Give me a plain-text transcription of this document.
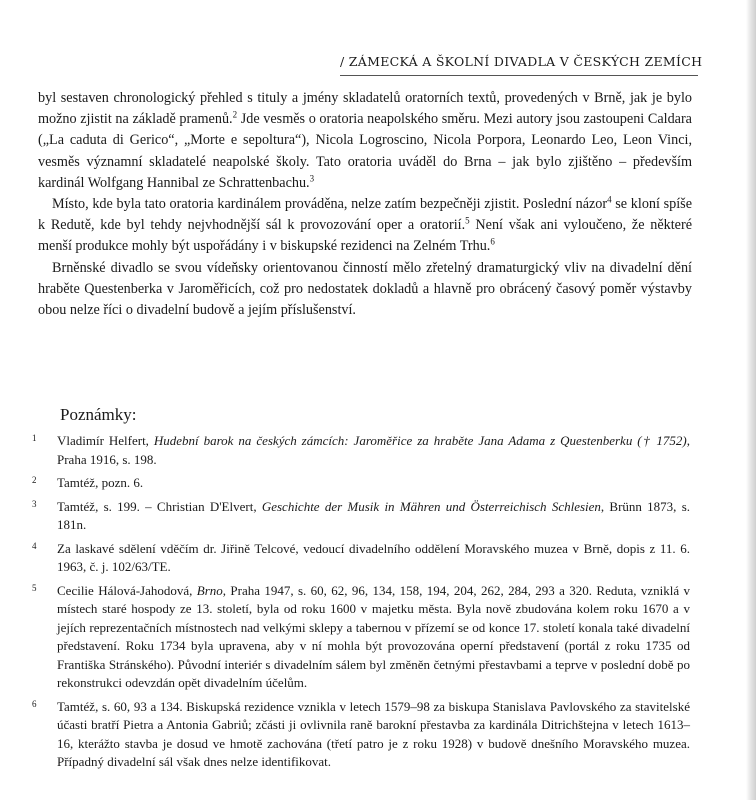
/ ZÁMECKÁ A ŠKOLNÍ DIVADLA V ČESKÝCH ZEMÍCH

byl sestaven chronologický přehled s tituly a jmény skladatelů oratorních textů, provedených v Brně, jak je bylo možno zjistit na základě pramenů.$^2$ Jde vesměs o oratoria neapolského směru. Mezi autory jsou zastoupeni Caldara („La caduta di Gerico“, „Morte e sepoltura“), Nicola Logroscino, Nicola Porpora, Leonardo Leo, Leon Vinci, vesměs významní skladatelé neapolské školy. Tato oratoria uváděl do Brna – jak bylo zjištěno – především kardinál Wolfgang Hannibal ze Schrattenbachu.$^3$

Místo, kde byla tato oratoria kardinálem prováděna, nelze zatím bezpečněji zjistit. Poslední názor$^4$ se kloní spíše k Redutě, kde byl tehdy nejvhodnější sál k provozování oper a oratorií.$^5$ Není však ani vyloučeno, že některé menší produkce mohly být uspořádány i v biskupské rezidenci na Zelném Trhu.$^6$

Brněnské divadlo se svou vídeňsky orientovanou činností mělo zřetelný dramaturgický vliv na divadelní dění hraběte Questenberka v Jaroměřicích, což pro nedostatek dokladů a hlavně pro obrácený časový poměr výstavby obou nelze říci o divadelní budově a jejím příslušenství.

Poznámky:
1 Vladimír Helfert, Hudební barok na českých zámcích: Jaroměřice za hraběte Jana Adama z Questenberku († 1752), Praha 1916, s. 198.
2 Tamtéž, pozn. 6.
3 Tamtéž, s. 199. – Christian D'Elvert, Geschichte der Musik in Mähren und Österreichisch Schlesien, Brünn 1873, s. 181n.
4 Za laskavé sdělení vděčím dr. Jiřině Telcové, vedoucí divadelního oddělení Moravského muzea v Brně, dopis z 11. 6. 1963, č. j. 102/63/TE.
5 Cecilie Hálová-Jahodová, Brno, Praha 1947, s. 60, 62, 96, 134, 158, 194, 204, 262, 284, 293 a 320. Reduta, vzniklá v místech staré hospody ze 13. století, byla od roku 1600 v majetku města. Byla nově zbudována kolem roku 1670 a v jejích reprezentačních místnostech nad velkými sklepy a tabernou v přízemí se od konce 17. století konala také divadelní představení. Roku 1734 byla upravena, aby v ní mohla být provozována operní představení (portál z roku 1735 od Františka Stránského). Původní interiér s divadelním sálem byl změněn četnými přestavbami a teprve v poslední době po rekonstrukci odevzdán opět divadelním účelům.
6 Tamtéž, s. 60, 93 a 134. Biskupská rezidence vznikla v letech 1579–98 za biskupa Stanislava Pavlovského za stavitelské účasti bratří Pietra a Antonia Gabriů; zčásti ji ovlivnila raně barokní přestavba za kardinála Ditrichštejna v letech 1613–16, kterážto stavba je dosud ve hmotě zachována (třetí patro je z roku 1928) v budově dnešního Moravského muzea. Případný divadelní sál však dnes nelze identifikovat.
